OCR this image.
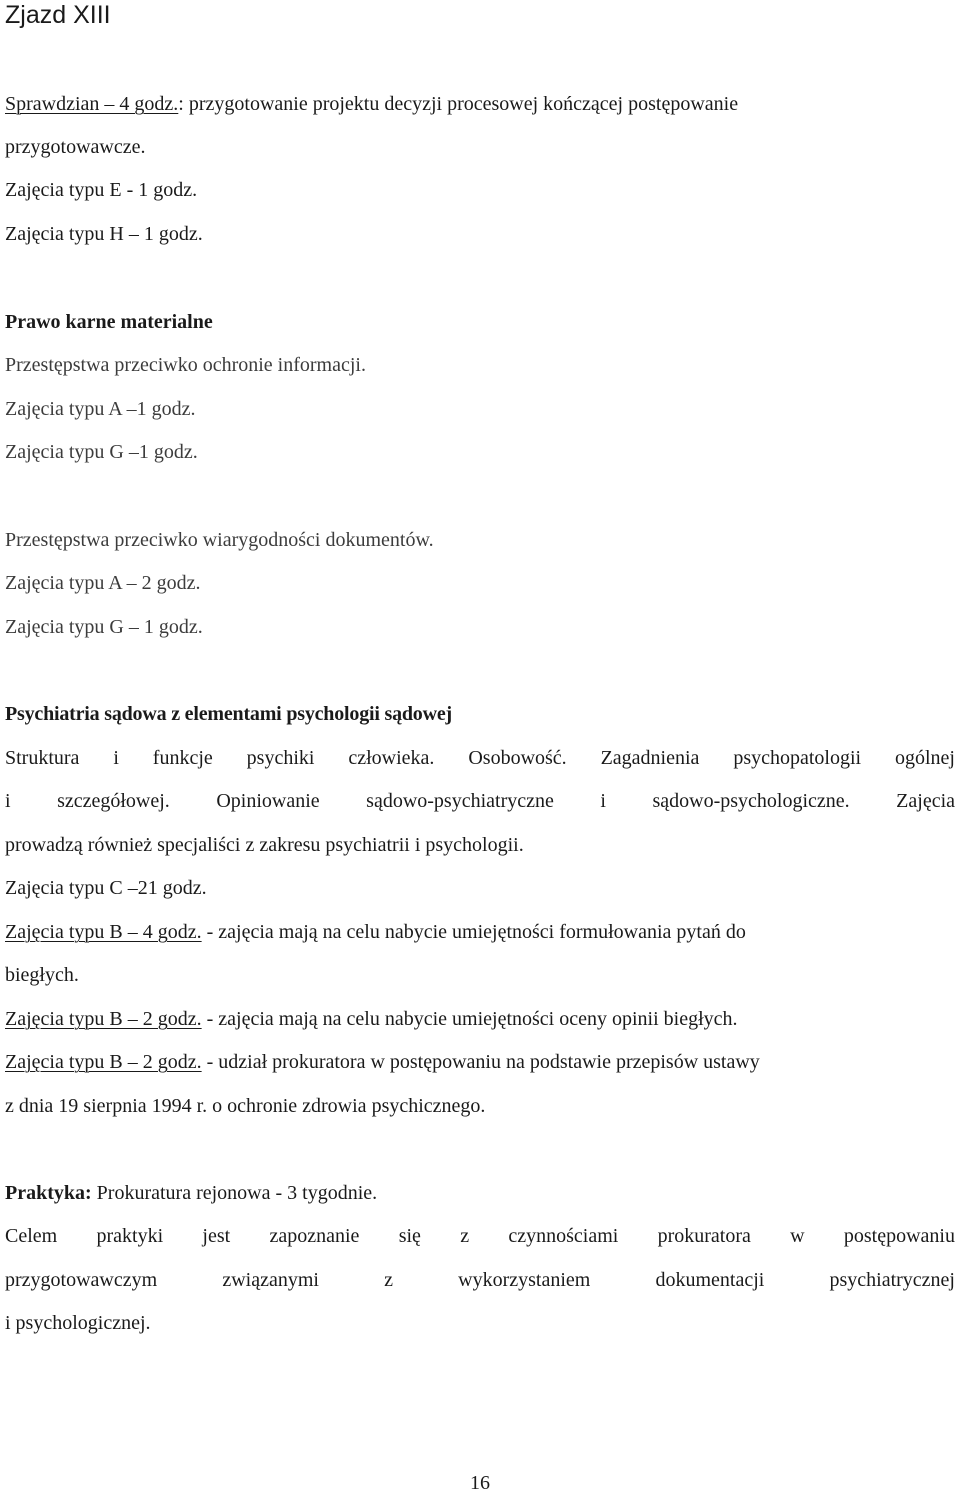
Zjazd XIII
Sprawdzian – 4 godz.: przygotowanie projektu decyzji procesowej kończącej postępowanie
przygotowawcze.
Zajęcia typu E - 1 godz.
Zajęcia typu H – 1 godz.
Prawo karne materialne
Przestępstwa przeciwko ochronie informacji.
Zajęcia typu A –1 godz.
Zajęcia typu G –1 godz.
Przestępstwa przeciwko wiarygodności dokumentów.
Zajęcia typu A – 2 godz.
Zajęcia typu G – 1 godz.
Psychiatria sądowa z elementami psychologii sądowej
Struktura i funkcje psychiki człowieka. Osobowość. Zagadnienia psychopatologii ogólnej
i szczegółowej. Opiniowanie sądowo-psychiatryczne i sądowo-psychologiczne. Zajęcia
prowadzą również specjaliści z zakresu psychiatrii i psychologii.
Zajęcia typu C –21 godz.
Zajęcia typu B – 4 godz. - zajęcia mają na celu nabycie umiejętności formułowania pytań do
biegłych.
Zajęcia typu B – 2 godz. - zajęcia mają na celu nabycie umiejętności oceny opinii biegłych.
Zajęcia typu B – 2 godz. - udział prokuratora w postępowaniu na podstawie przepisów ustawy
z dnia 19 sierpnia 1994 r. o ochronie zdrowia psychicznego.
Praktyka: Prokuratura rejonowa - 3 tygodnie.
Celem praktyki jest zapoznanie się z czynnościami prokuratora w postępowaniu
przygotowawczym związanymi z wykorzystaniem dokumentacji psychiatrycznej
i psychologicznej.
16
